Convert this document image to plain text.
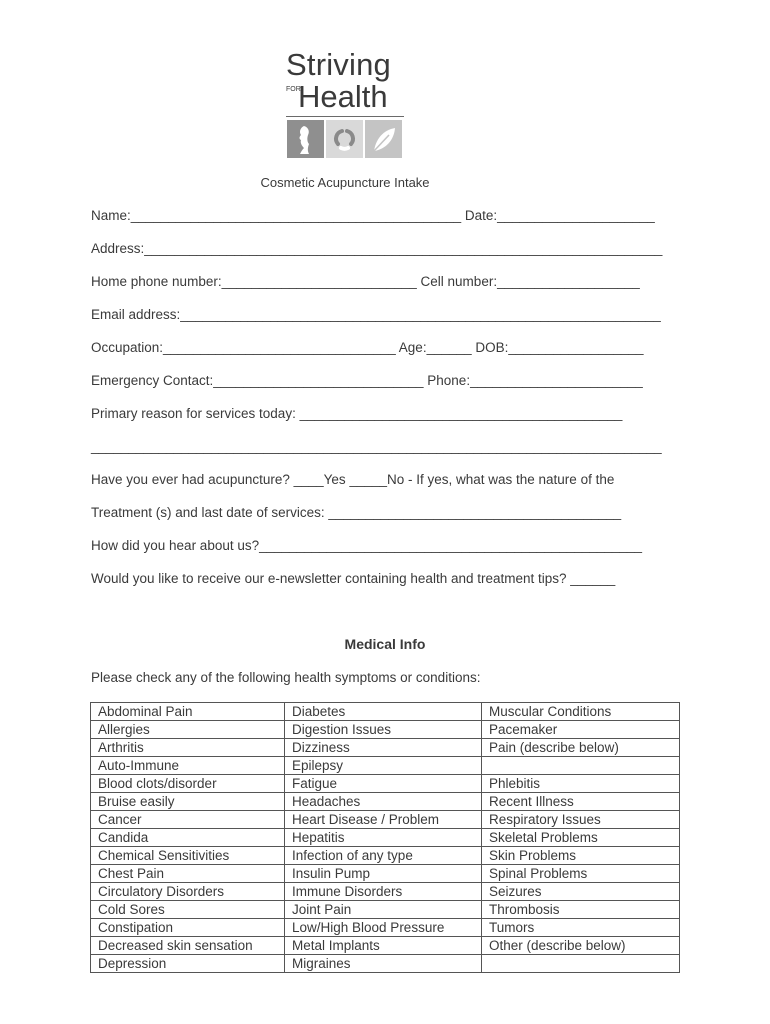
Striving
FOR
Health
Cosmetic Acupuncture Intake
Name:____________________________________________ Date:_____________________
Address:_____________________________________________________________________
Home phone number:__________________________ Cell number:___________________
Email address:________________________________________________________________
Occupation:_______________________________ Age:______ DOB:__________________
Emergency Contact:____________________________ Phone:_______________________
Primary reason for services today: ___________________________________________
____________________________________________________________________________
Have you ever had acupuncture? ____Yes _____No - If yes, what was the nature of the
Treatment (s) and last date of services: _______________________________________
How did you hear about us?___________________________________________________
Would you like to receive our e-newsletter containing health and treatment tips? ______
Medical Info
Please check any of the following health symptoms or conditions:
Abdominal Pain	Diabetes	Muscular Conditions
Allergies	Digestion Issues	Pacemaker
Arthritis	Dizziness	Pain (describe below)
Auto-Immune	Epilepsy	
Blood clots/disorder	Fatigue	Phlebitis
Bruise easily	Headaches	Recent Illness
Cancer	Heart Disease / Problem	Respiratory Issues
Candida	Hepatitis	Skeletal Problems
Chemical Sensitivities	Infection of any type	Skin Problems
Chest Pain	Insulin Pump	Spinal Problems
Circulatory Disorders	Immune Disorders	Seizures
Cold Sores	Joint Pain	Thrombosis
Constipation	Low/High Blood Pressure	Tumors
Decreased skin sensation	Metal Implants	Other (describe below)
Depression	Migraines	
